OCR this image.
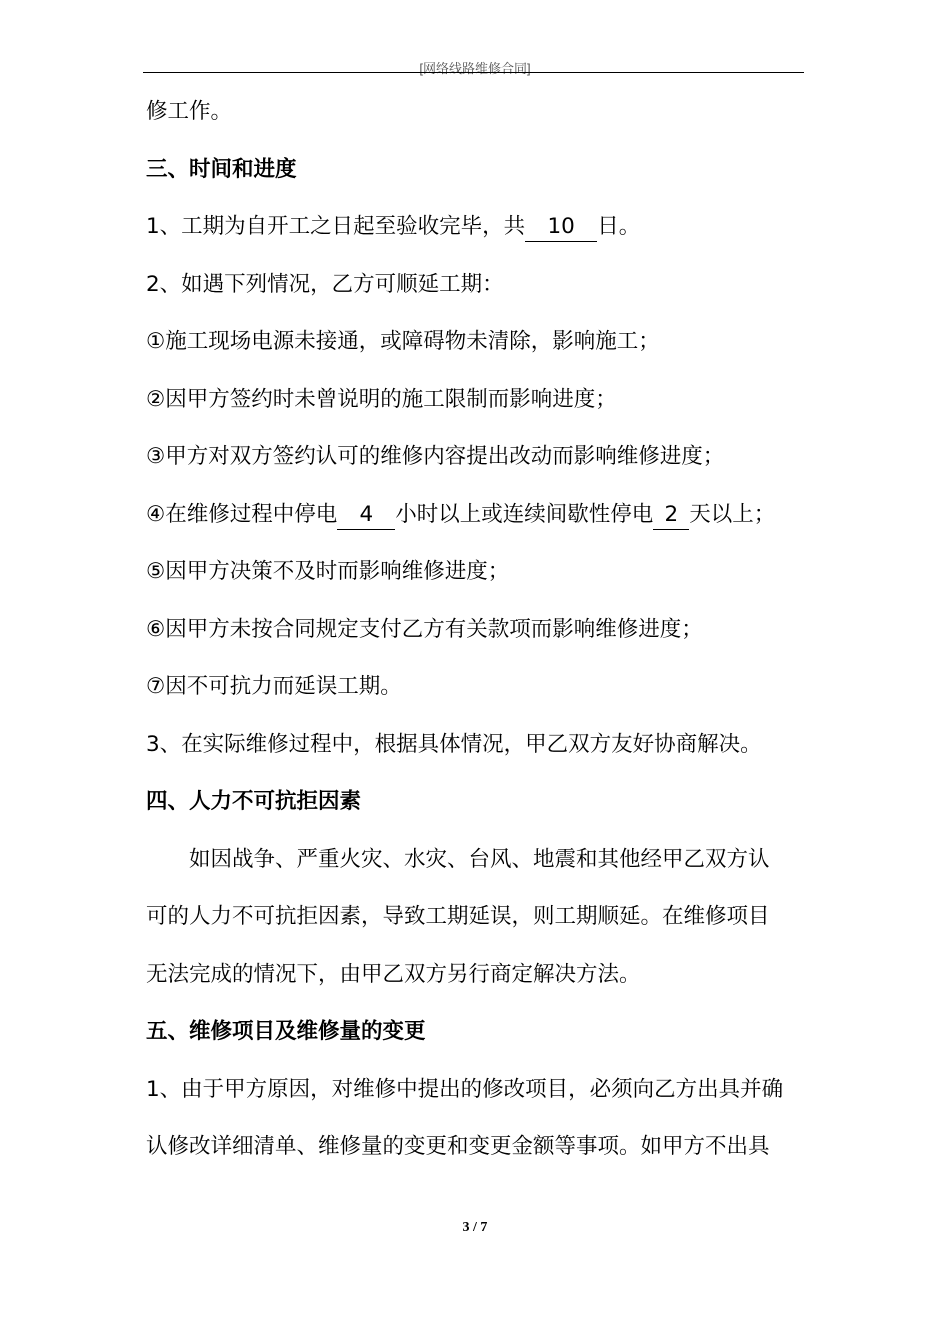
[网络线路维修合同]
修工作。
三、时间和进度
1、工期为自开工之日起至验收完毕，共 10 日。
2、如遇下列情况，乙方可顺延工期：
①施工现场电源未接通，或障碍物未清除，影响施工；
②因甲方签约时未曾说明的施工限制而影响进度；
③甲方对双方签约认可的维修内容提出改动而影响维修进度；
④在维修过程中停电 4 小时以上或连续间歇性停电 2 天以上；
⑤因甲方决策不及时而影响维修进度；
⑥因甲方未按合同规定支付乙方有关款项而影响维修进度；
⑦因不可抗力而延误工期。
3、在实际维修过程中，根据具体情况，甲乙双方友好协商解决。
四、人力不可抗拒因素
如因战争、严重火灾、水灾、台风、地震和其他经甲乙双方认
可的人力不可抗拒因素，导致工期延误，则工期顺延。在维修项目
无法完成的情况下，由甲乙双方另行商定解决方法。
五、维修项目及维修量的变更
1、由于甲方原因，对维修中提出的修改项目，必须向乙方出具并确
认修改详细清单、维修量的变更和变更金额等事项。如甲方不出具
3 / 7
